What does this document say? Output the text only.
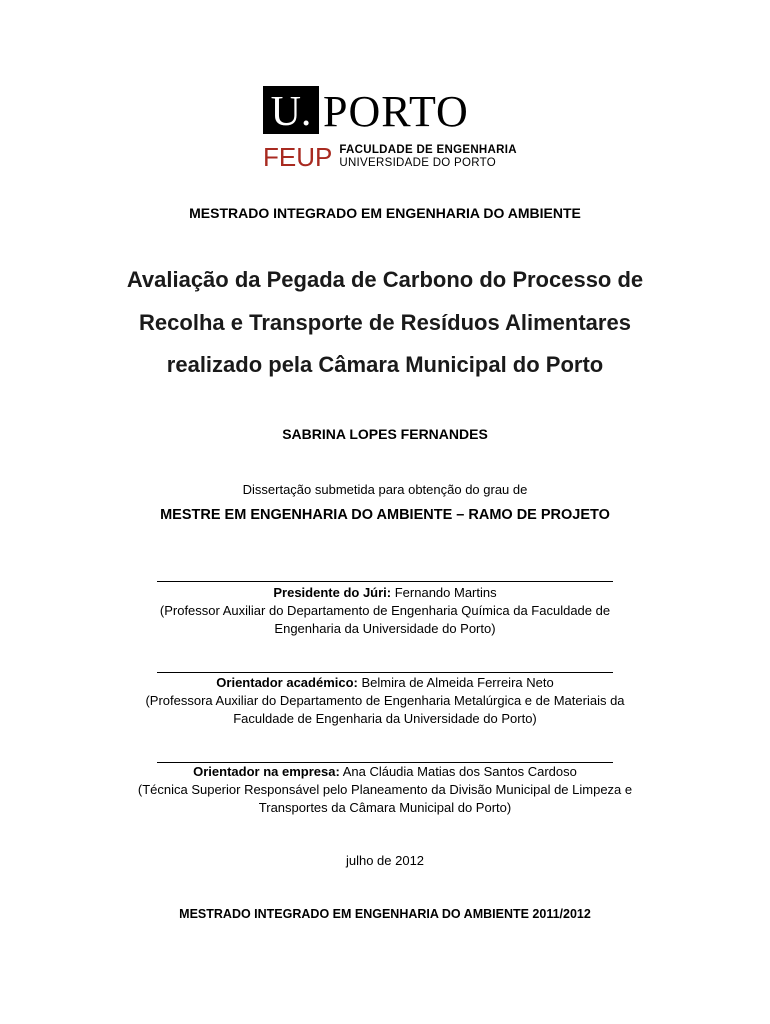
U. PORTO
FEUP FACULDADE DE ENGENHARIA
UNIVERSIDADE DO PORTO
MESTRADO INTEGRADO EM ENGENHARIA DO AMBIENTE
Avaliação da Pegada de Carbono do Processo de
Recolha e Transporte de Resíduos Alimentares
realizado pela Câmara Municipal do Porto
SABRINA LOPES FERNANDES
Dissertação submetida para obtenção do grau de
MESTRE EM ENGENHARIA DO AMBIENTE – RAMO DE PROJETO
Presidente do Júri: Fernando Martins
(Professor Auxiliar do Departamento de Engenharia Química da Faculdade de
Engenharia da Universidade do Porto)
Orientador académico: Belmira de Almeida Ferreira Neto
(Professora Auxiliar do Departamento de Engenharia Metalúrgica e de Materiais da
Faculdade de Engenharia da Universidade do Porto)
Orientador na empresa: Ana Cláudia Matias dos Santos Cardoso
(Técnica Superior Responsável pelo Planeamento da Divisão Municipal de Limpeza e
Transportes da Câmara Municipal do Porto)
julho de 2012
MESTRADO INTEGRADO EM ENGENHARIA DO AMBIENTE 2011/2012
